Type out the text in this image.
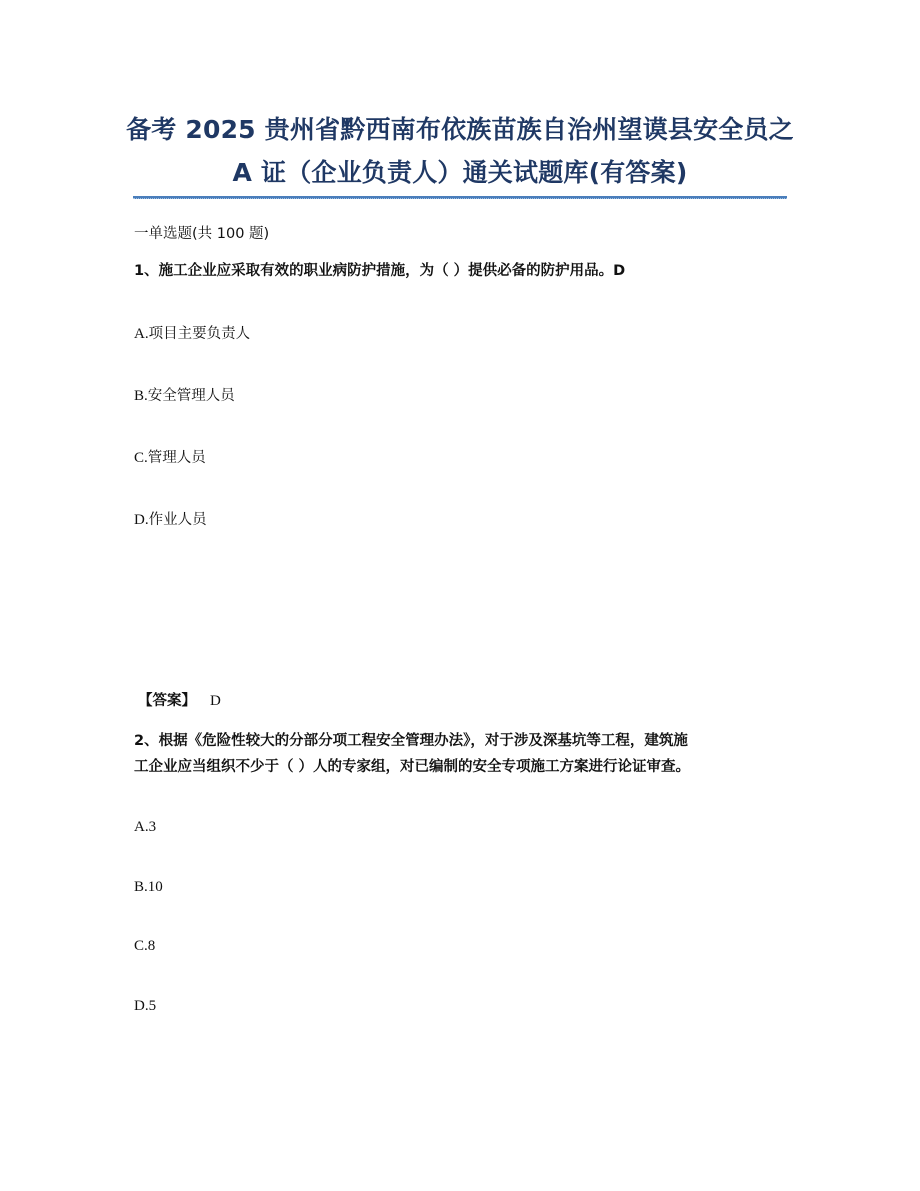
备考 2025 贵州省黔西南布依族苗族自治州望谟县安全员之
A 证（企业负责人）通关试题库(有答案)
一单选题(共 100 题)
1、施工企业应采取有效的职业病防护措施，为（ ）提供必备的防护用品。D
A.项目主要负责人
B.安全管理人员
C.管理人员
D.作业人员
【答案】 D
2、根据《危险性较大的分部分项工程安全管理办法》，对于涉及深基坑等工程，建筑施
工企业应当组织不少于（ ）人的专家组，对已编制的安全专项施工方案进行论证审查。
A.3
B.10
C.8
D.5
